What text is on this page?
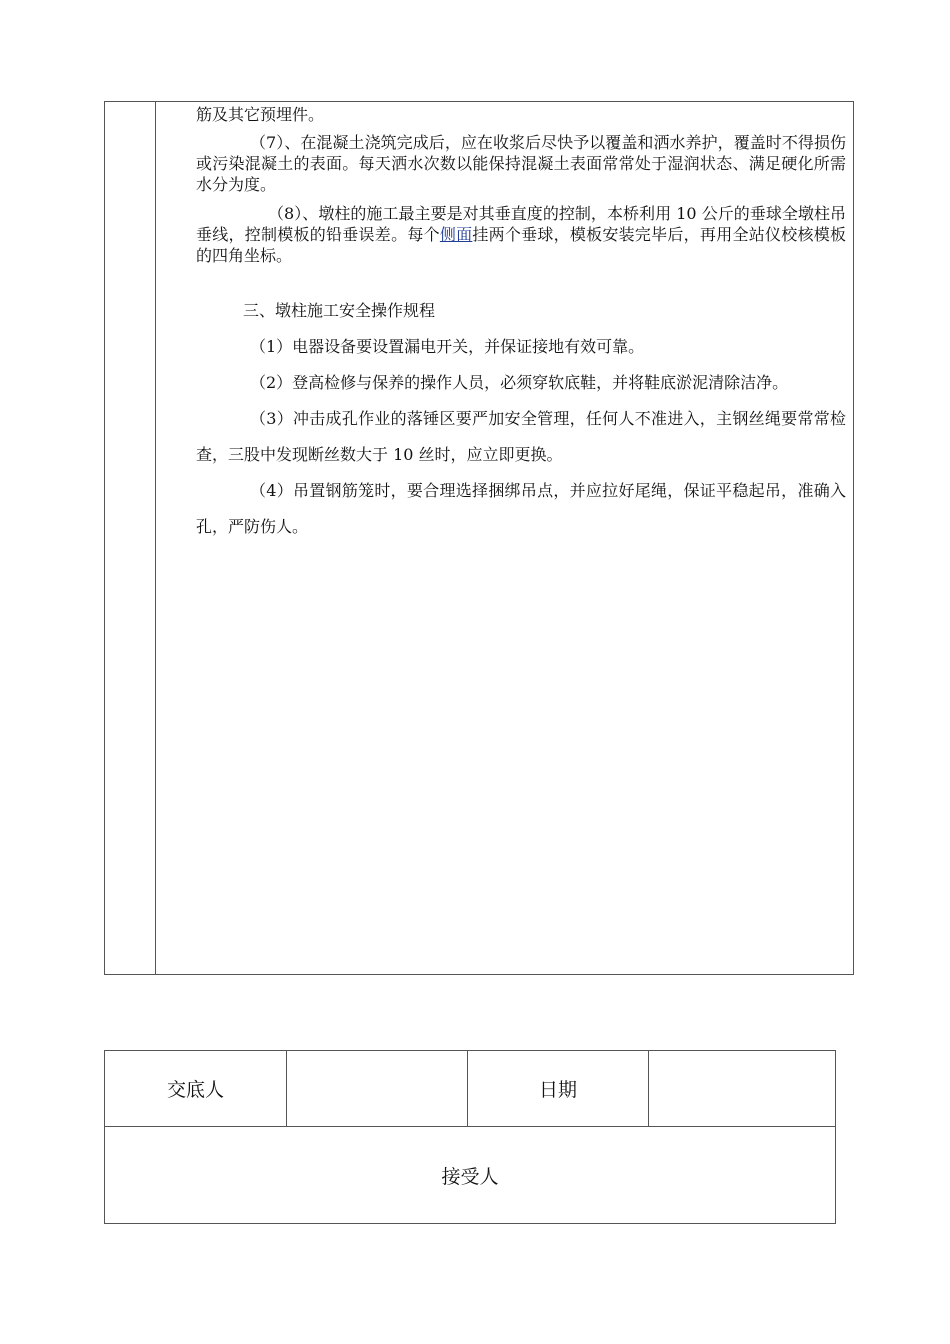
筋及其它预埋件。

（7）、在混凝土浇筑完成后，应在收浆后尽快予以覆盖和洒水养护，覆盖时不得损伤或污染混凝土的表面。每天洒水次数以能保持混凝土表面常常处于湿润状态、满足硬化所需水分为度。

（8）、墩柱的施工最主要是对其垂直度的控制，本桥利用 10 公斤的垂球全墩柱吊垂线，控制模板的铅垂误差。每个侧面挂两个垂球，模板安装完毕后，再用全站仪校核模板的四角坐标。

三、墩柱施工安全操作规程

（1）电器设备要设置漏电开关，并保证接地有效可靠。

（2）登高检修与保养的操作人员，必须穿软底鞋，并将鞋底淤泥清除洁净。

（3）冲击成孔作业的落锤区要严加安全管理，任何人不准进入，主钢丝绳要常常检查，三股中发现断丝数大于 10 丝时，应立即更换。

（4）吊置钢筋笼时，要合理选择捆绑吊点，并应拉好尾绳，保证平稳起吊，准确入孔，严防伤人。

交底人	日期
接受人
